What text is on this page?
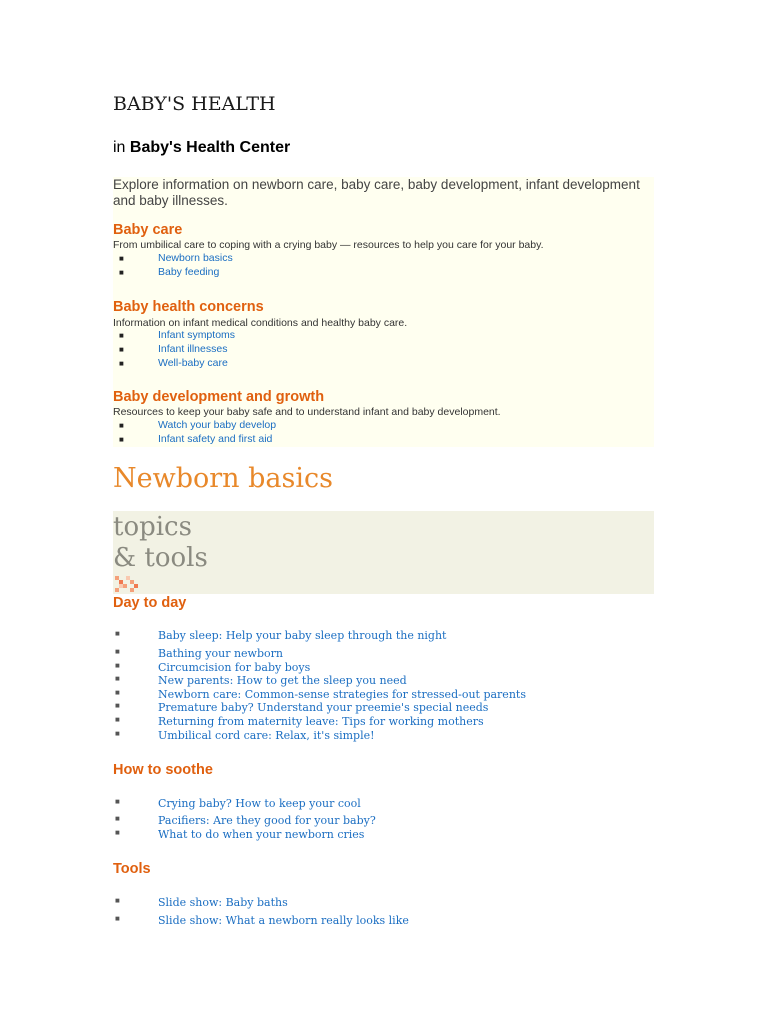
BABY'S HEALTH
in Baby's Health Center
Explore information on newborn care, baby care, baby development, infant development and baby illnesses.
Baby care
From umbilical care to coping with a crying baby — resources to help you care for your baby.
■	Newborn basics
■	Baby feeding
Baby health concerns
Information on infant medical conditions and healthy baby care.
■	Infant symptoms
■	Infant illnesses
■	Well-baby care
Baby development and growth
Resources to keep your baby safe and to understand infant and baby development.
■	Watch your baby develop
■	Infant safety and first aid
Newborn basics
topics
& tools
Day to day
■	Baby sleep: Help your baby sleep through the night
■	Bathing your newborn
■	Circumcision for baby boys
■	New parents: How to get the sleep you need
■	Newborn care: Common-sense strategies for stressed-out parents
■	Premature baby? Understand your preemie's special needs
■	Returning from maternity leave: Tips for working mothers
■	Umbilical cord care: Relax, it's simple!
How to soothe
■	Crying baby? How to keep your cool
■	Pacifiers: Are they good for your baby?
■	What to do when your newborn cries
Tools
■	Slide show: Baby baths
■	Slide show: What a newborn really looks like
